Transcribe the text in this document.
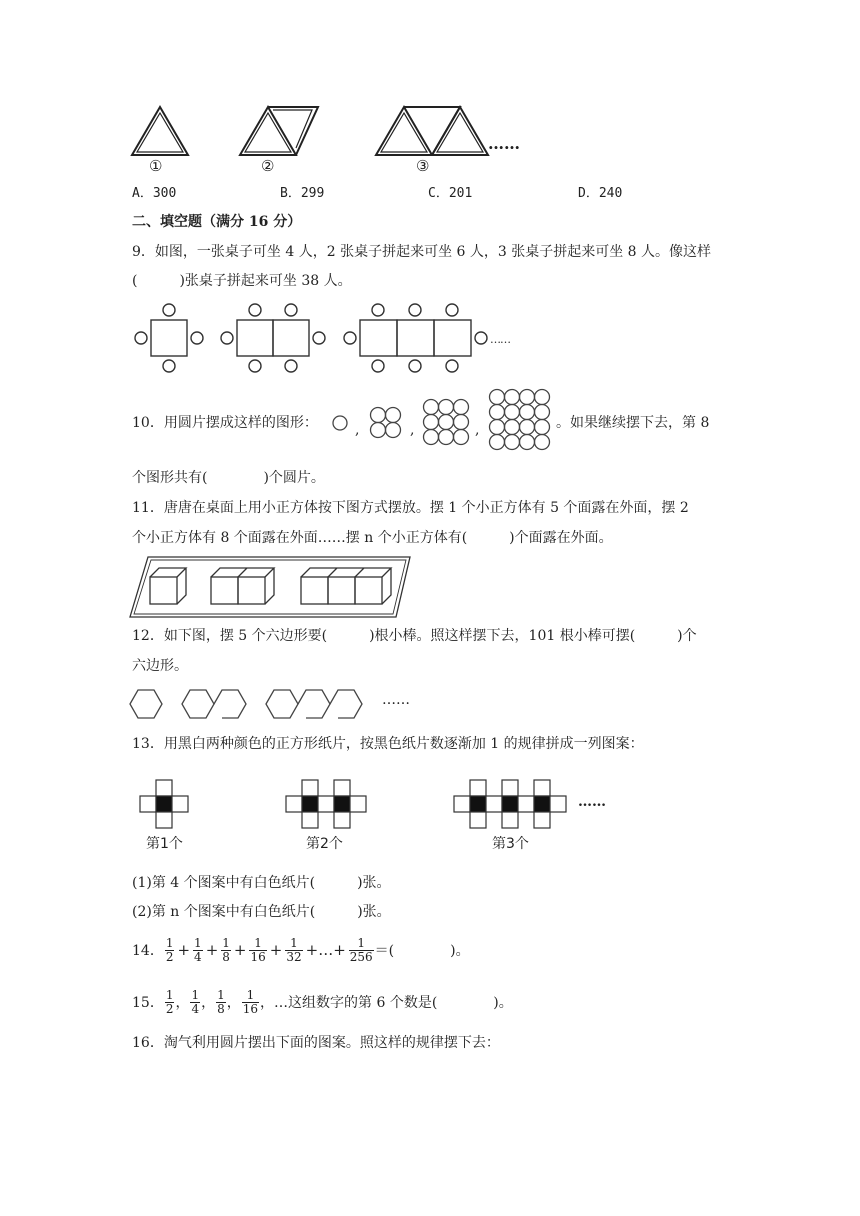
①	②	③
……
A．300	B．299	C．201	D．240
二、填空题（满分 16 分）
9．如图，一张桌子可坐 4 人，2 张桌子拼起来可坐 6 人，3 张桌子拼起来可坐 8 人。像这样
(　　　)张桌子拼起来可坐 38 人。
……
10．用圆片摆成这样的图形：	,	,	,	。如果继续摆下去，第 8
个图形共有(　　　　)个圆片。
11．唐唐在桌面上用小正方体按下图方式摆放。摆 1 个小正方体有 5 个面露在外面，摆 2
个小正方体有 8 个面露在外面……摆 n 个小正方体有(　　　)个面露在外面。
12．如下图，摆 5 个六边形要(　　　)根小棒。照这样摆下去，101 根小棒可摆(　　　)个
六边形。
……
13．用黑白两种颜色的正方形纸片，按黑色纸片数逐渐加 1 的规律拼成一列图案：
……
第1个	第2个	第3个
(1)第 4 个图案中有白色纸片(　　　)张。
(2)第 n 个图案中有白色纸片(　　　)张。
14． $\frac{1}{2} + \frac{1}{4} + \frac{1}{8} + \frac{1}{16} + \frac{1}{32}$ +…+ $\frac{1}{256}$ ＝(　　　　)。
15． $\frac{1}{2}$ ， $\frac{1}{4}$ ， $\frac{1}{8}$ ， $\frac{1}{16}$ ，…这组数字的第 6 个数是(　　　　)。
16．淘气利用圆片摆出下面的图案。照这样的规律摆下去：
